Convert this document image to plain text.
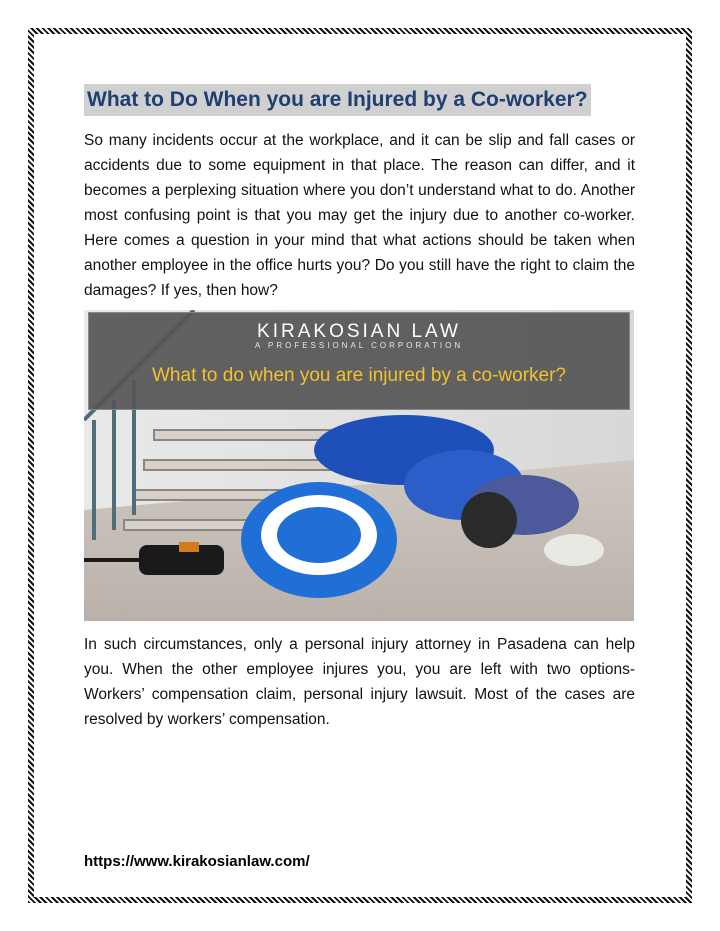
What to Do When you are Injured by a Co-worker?

So many incidents occur at the workplace, and it can be slip and fall cases or accidents due to some equipment in that place. The reason can differ, and it becomes a perplexing situation where you don’t understand what to do. Another most confusing point is that you may get the injury due to another co-worker. Here comes a question in your mind that what actions should be taken when another employee in the office hurts you? Do you still have the right to claim the damages? If yes, then how?

KIRAKOSIAN LAW
A PROFESSIONAL CORPORATION
What to do when you are injured by a co-worker?

In such circumstances, only a personal injury attorney in Pasadena can help you. When the other employee injures you, you are left with two options- Workers’ compensation claim, personal injury lawsuit. Most of the cases are resolved by workers’ compensation.

https://www.kirakosianlaw.com/
